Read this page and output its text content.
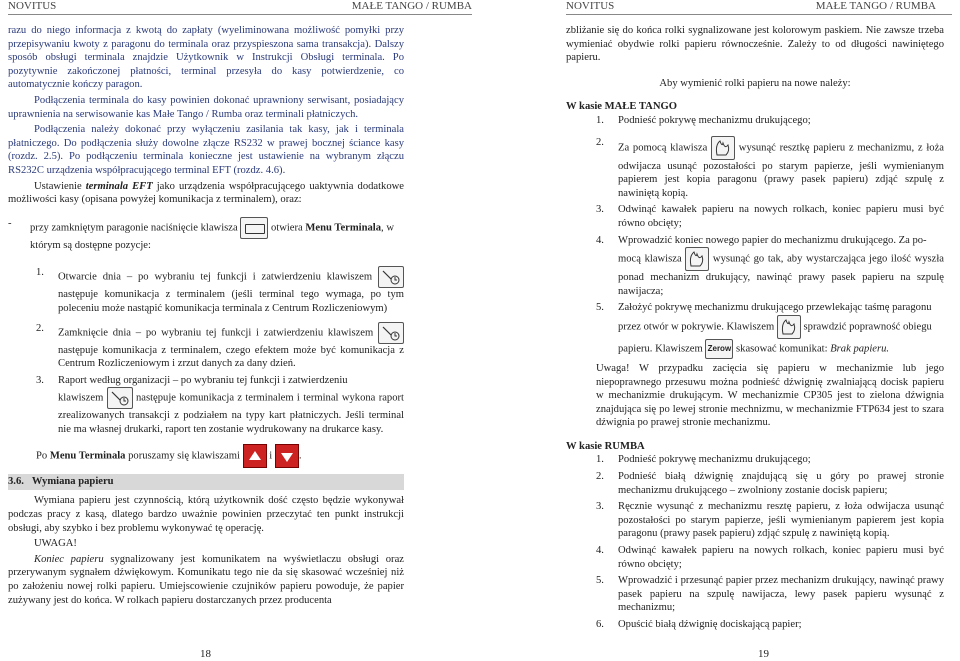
NOVITUS	MAŁE TANGO / RUMBA

razu do niego informacja z kwotą do zapłaty (wyeliminowana możliwość pomyłki przy przepisywaniu kwoty z paragonu do terminala oraz przyspieszona sama transakcja). Dalszy sposób obsługi terminala znajdzie Użytkownik w Instrukcji Obsługi terminala. Po pozytywnie zakończonej płatności, terminal przesyła do kasy potwierdzenie, co automatycznie kończy paragon.

Podłączenia terminala do kasy powinien dokonać uprawniony serwisant, posiadający uprawnienia na serwisowanie kas Małe Tango / Rumba oraz terminali płatniczych.

Podłączenia należy dokonać przy wyłączeniu zasilania tak kasy, jak i terminala płatniczego. Do podłączenia służy dowolne złącze RS232 w prawej bocznej ściance kasy (rozdz. 2.5). Po podłączeniu terminala konieczne jest ustawienie na wybranym złączu RS232C urządzenia współpracującego terminal EFT (rozdz. 4.6).

Ustawienie terminala EFT jako urządzenia współpracującego uaktywnia dodatkowe możliwości kasy (opisana powyżej komunikacja z terminalem), oraz:

-	przy zamkniętym paragonie naciśnięcie klawisza	otwiera Menu Terminala, w którym są dostępne pozycje:
1.	Otwarcie dnia – po wybraniu tej funkcji i zatwierdzeniu klawiszem
następuje komunikacja z terminalem (jeśli terminal tego wymaga, po tym poleceniu może nastąpić komunikacja terminala z Centrum Rozliczeniowym)
2.	Zamknięcie dnia – po wybraniu tej funkcji i zatwierdzeniu klawiszem
następuje komunikacja z terminalem, czego efektem może być komunikacja z Centrum Rozliczeniowym i zrzut danych za dany dzień.
3.	Raport według organizacji – po wybraniu tej funkcji i zatwierdzeniu
klawiszem	następuje komunikacja z terminalem i terminal wykona raport zrealizowanych transakcji z podziałem na typy kart płatniczych. Jeśli terminal nie ma własnej drukarki, raport ten zostanie wydrukowany na drukarce kasy.

Po Menu Terminala poruszamy się klawiszami	i	.

3.6. Wymiana papieru

Wymiana papieru jest czynnością, którą użytkownik dość często będzie wykonywał podczas pracy z kasą, dlatego bardzo uważnie powinien przeczytać ten punkt instrukcji obsługi, aby szybko i bez problemu wykonywać tę operację.

UWAGA!

Koniec papieru sygnalizowany jest komunikatem na wyświetlaczu obsługi oraz przerywanym sygnałem dźwiękowym. Komunikatu tego nie da się skasować wcześniej niż po założeniu nowej rolki papieru. Umiejscowienie czujników papieru powoduje, że papier zużywany jest do końca. W rolkach papieru dostarczanych przez producenta

18
NOVITUS	MAŁE TANGO / RUMBA

zbliżanie się do końca rolki sygnalizowane jest kolorowym paskiem. Nie zawsze trzeba wymieniać obydwie rolki papieru równocześnie. Zależy to od długości nawiniętego papieru.

Aby wymienić rolki papieru na nowe należy:

W kasie MAŁE TANGO
1.	Podnieść pokrywę mechanizmu drukującego;
2.	Za pomocą klawisza	wysunąć resztkę papieru z mechanizmu, z łoża odwijacza usunąć pozostałości po starym papierze, jeśli wymienianym papierem jest kopia paragonu (prawy pasek papieru) zdjąć szpulę z nawiniętą kopią.
3.	Odwinąć kawałek papieru na nowych rolkach, koniec papieru musi być równo obcięty;
4.	Wprowadzić koniec nowego papier do mechanizmu drukującego. Za po-
mocą klawisza	wysunąć go tak, aby wystarczająca jego ilość wyszła ponad mechanizm drukujący, nawinąć prawy pasek papieru na szpulę nawijacza;
5.	Założyć pokrywę mechanizmu drukującego przewlekając taśmę paragonu
przez otwór w pokrywie. Klawiszem	sprawdzić poprawność obiegu
papieru. Klawiszem Zerow skasować komunikat: Brak papieru.

Uwaga! W przypadku zacięcia się papieru w mechanizmie lub jego niepoprawnego przesuwu można podnieść dźwignię zwalniającą docisk papieru w mechanizmie drukującym. W mechanizmie CP305 jest to zielona dźwignia znajdująca się po lewej stronie mechnizmu, w mechanizmie FTP634 jest to szara dźwignia po prawej stronie mechanizmu.

W kasie RUMBA
1.	Podnieść pokrywę mechanizmu drukującego;
2.	Podnieść białą dźwignię znajdującą się u góry po prawej stronie mechanizmu drukującego – zwolniony zostanie docisk papieru;
3.	Ręcznie wysunąć z mechanizmu resztę papieru, z łoża odwijacza usunąć pozostałości po starym papierze, jeśli wymienianym papierem jest kopia paragonu (prawy pasek papieru) zdjąć szpulę z nawiniętą kopią.
4.	Odwinąć kawałek papieru na nowych rolkach, koniec papieru musi być równo obcięty;
5.	Wprowadzić i przesunąć papier przez mechanizm drukujący, nawinąć prawy pasek papieru na szpulę nawijacza, lewy pasek papieru wysunąć z mechanizmu;
6.	Opuścić białą dźwignię dociskającą papier;
19
